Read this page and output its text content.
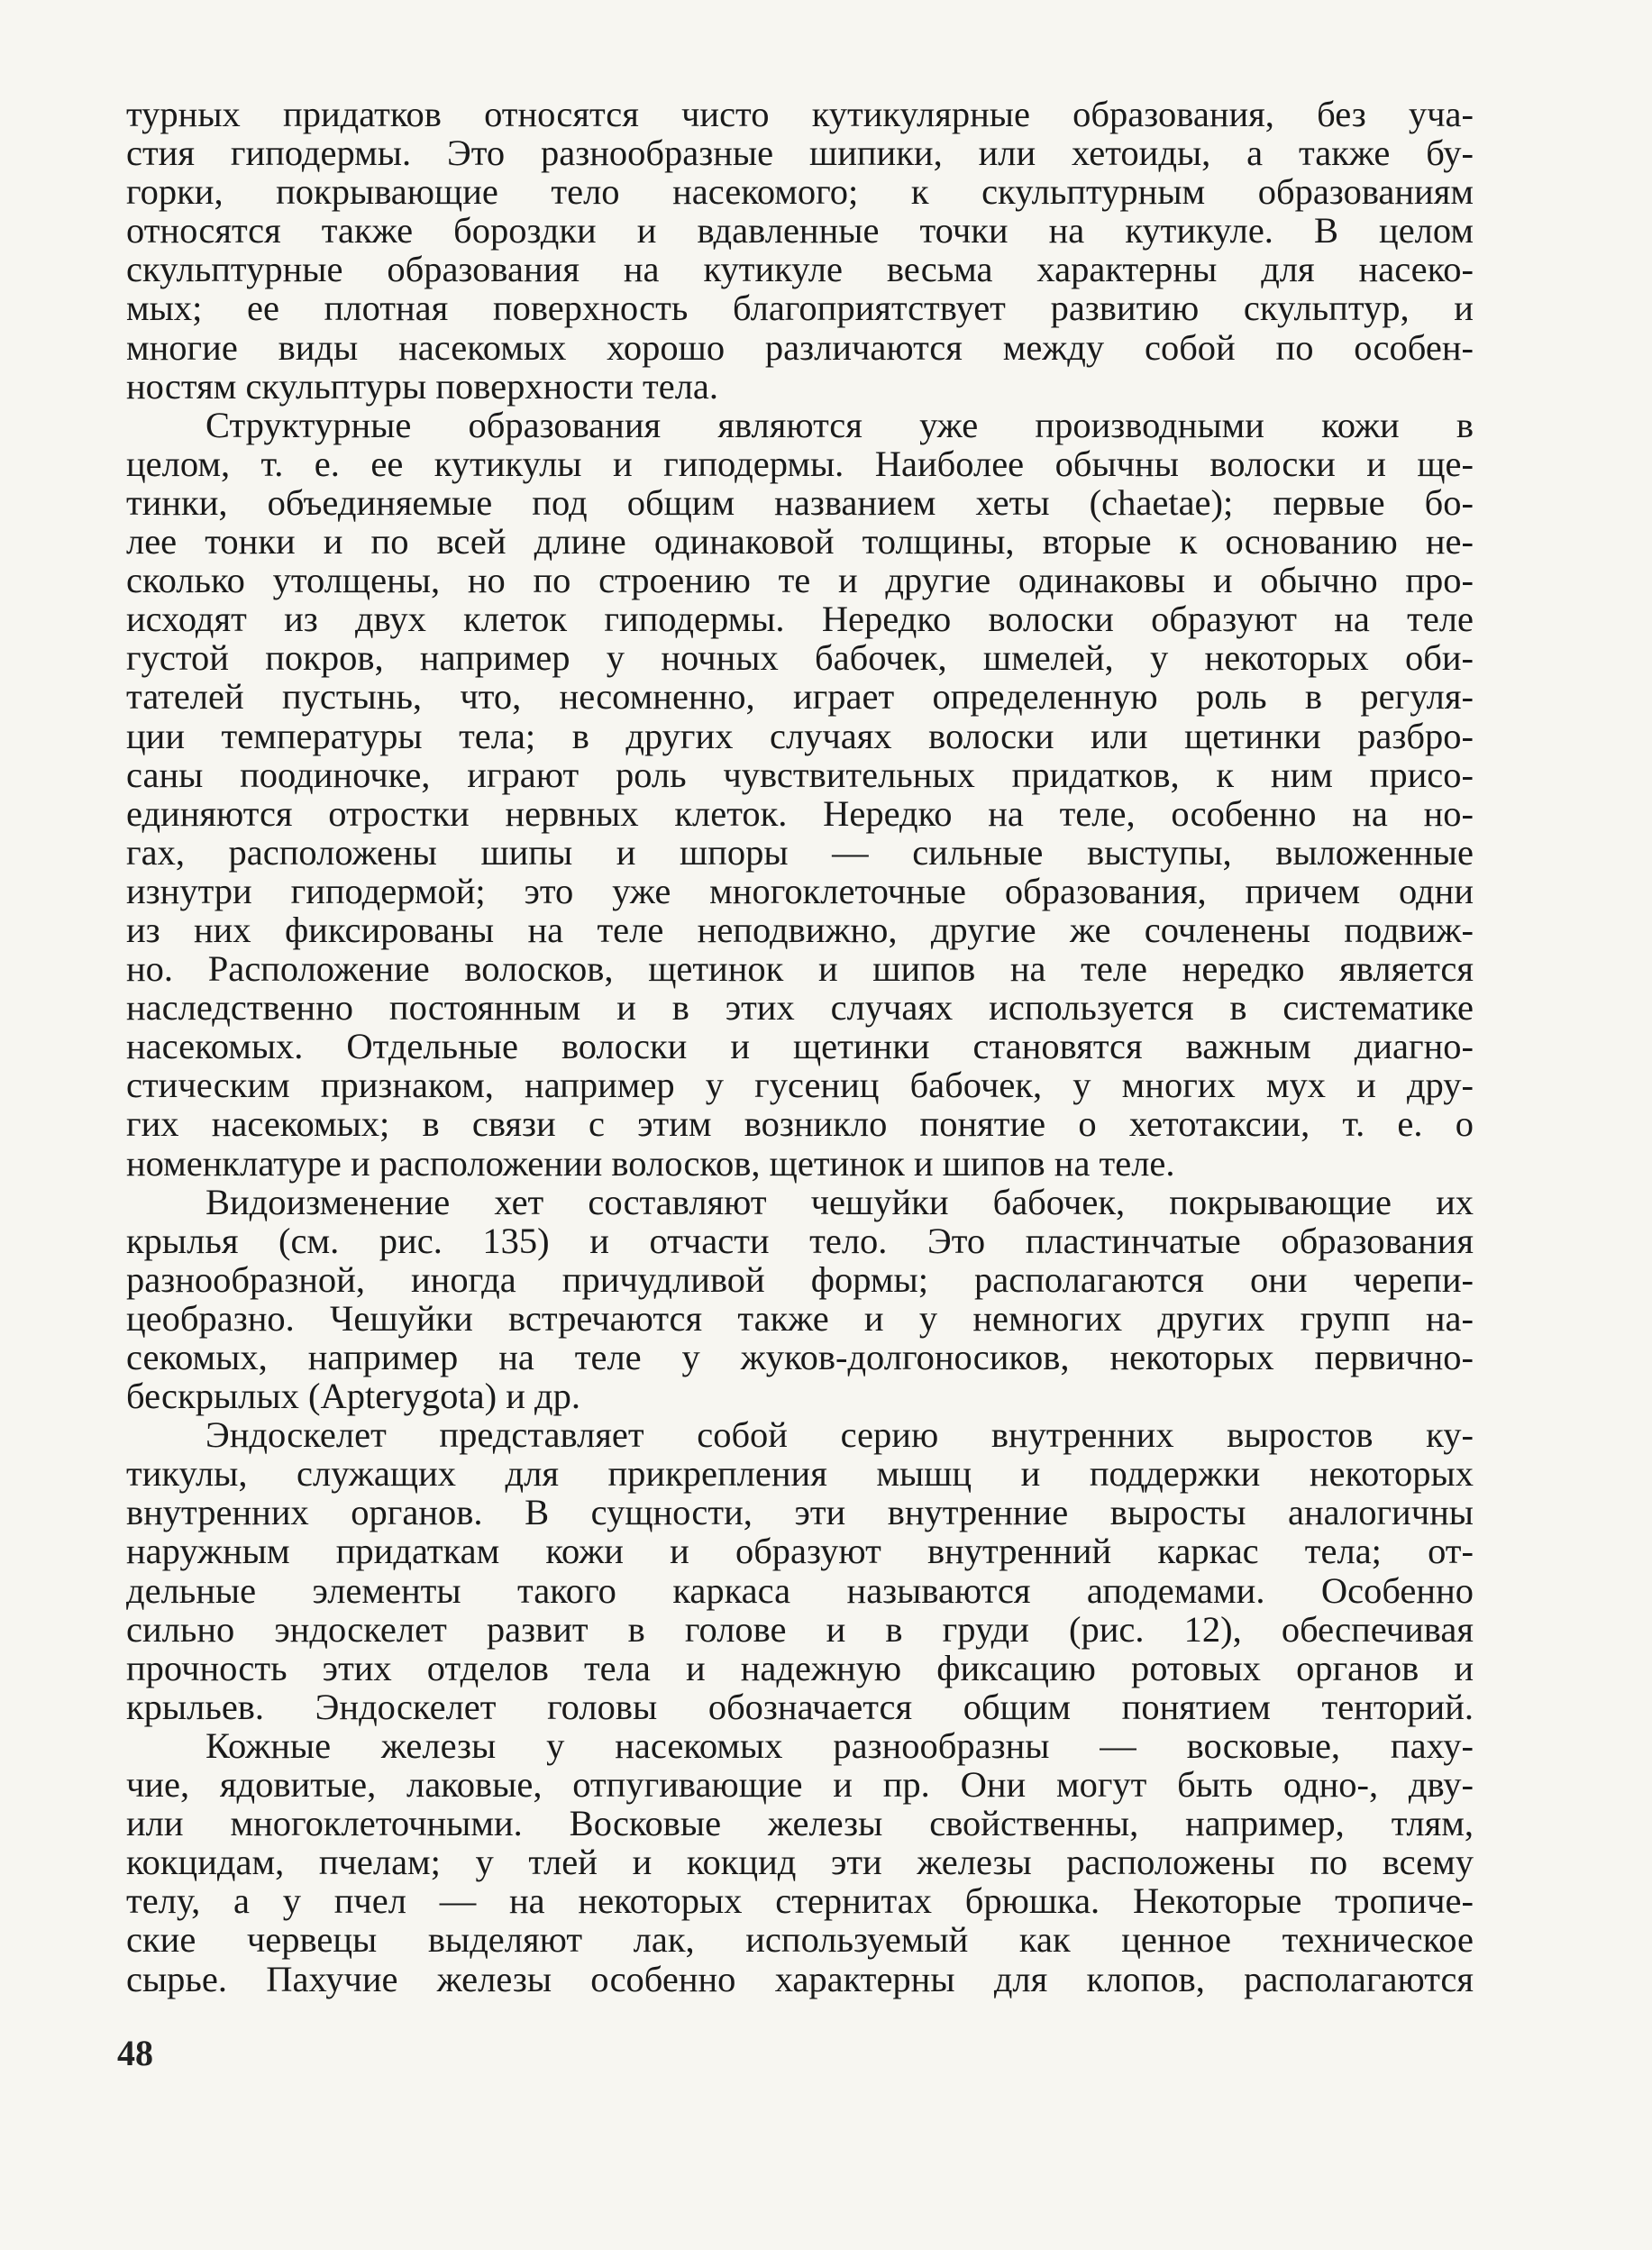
турных придатков относятся чисто кутикулярные образования, без уча-
стия гиподермы. Это разнообразные шипики, или хетоиды, а также бу-
горки, покрывающие тело насекомого; к скульптурным образованиям
относятся также бороздки и вдавленные точки на кутикуле. В целом
скульптурные образования на кутикуле весьма характерны для насеко-
мых; ее плотная поверхность благоприятствует развитию скульптур, и
многие виды насекомых хорошо различаются между собой по особен-
ностям скульптуры поверхности тела.
Структурные образования являются уже производными кожи в
целом, т. е. ее кутикулы и гиподермы. Наиболее обычны волоски и ще-
тинки, объединяемые под общим названием хеты (chaetae); первые бо-
лее тонки и по всей длине одинаковой толщины, вторые к основанию не-
сколько утолщены, но по строению те и другие одинаковы и обычно про-
исходят из двух клеток гиподермы. Нередко волоски образуют на теле
густой покров, например у ночных бабочек, шмелей, у некоторых оби-
тателей пустынь, что, несомненно, играет определенную роль в регуля-
ции температуры тела; в других случаях волоски или щетинки разбро-
саны поодиночке, играют роль чувствительных придатков, к ним присо-
единяются отростки нервных клеток. Нередко на теле, особенно на но-
гах, расположены шипы и шпоры — сильные выступы, выложенные
изнутри гиподермой; это уже многоклеточные образования, причем одни
из них фиксированы на теле неподвижно, другие же сочленены подвиж-
но. Расположение волосков, щетинок и шипов на теле нередко является
наследственно постоянным и в этих случаях используется в систематике
насекомых. Отдельные волоски и щетинки становятся важным диагно-
стическим признаком, например у гусениц бабочек, у многих мух и дру-
гих насекомых; в связи с этим возникло понятие о хетотаксии, т. е. о
номенклатуре и расположении волосков, щетинок и шипов на теле.
Видоизменение хет составляют чешуйки бабочек, покрывающие их
крылья (см. рис. 135) и отчасти тело. Это пластинчатые образования
разнообразной, иногда причудливой формы; располагаются они черепи-
цеобразно. Чешуйки встречаются также и у немногих других групп на-
секомых, например на теле у жуков-долгоносиков, некоторых первично-
бескрылых (Apterygota) и др.
Эндоскелет представляет собой серию внутренних выростов ку-
тикулы, служащих для прикрепления мышц и поддержки некоторых
внутренних органов. В сущности, эти внутренние выросты аналогичны
наружным придаткам кожи и образуют внутренний каркас тела; от-
дельные элементы такого каркаса называются аподемами. Особенно
сильно эндоскелет развит в голове и в груди (рис. 12), обеспечивая
прочность этих отделов тела и надежную фиксацию ротовых органов и
крыльев. Эндоскелет головы обозначается общим понятием тенторий.
Кожные железы у насекомых разнообразны — восковые, паху-
чие, ядовитые, лаковые, отпугивающие и пр. Они могут быть одно-, дву-
или многоклеточными. Восковые железы свойственны, например, тлям,
кокцидам, пчелам; у тлей и кокцид эти железы расположены по всему
телу, а у пчел — на некоторых стернитах брюшка. Некоторые тропиче-
ские червецы выделяют лак, используемый как ценное техническое
сырье. Пахучие железы особенно характерны для клопов, располагаются
48
